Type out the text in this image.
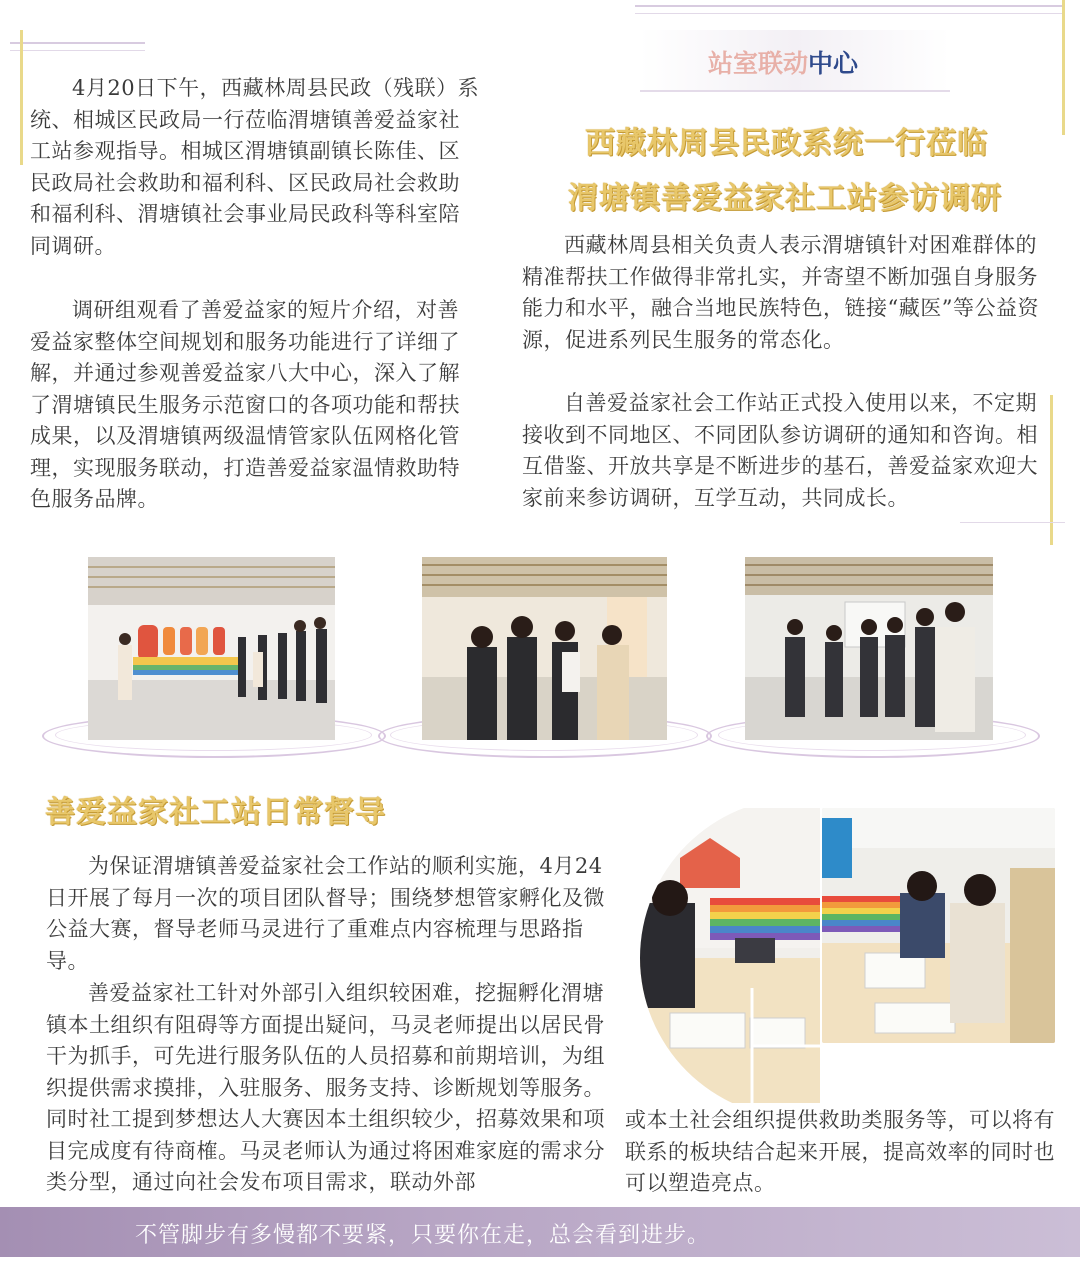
站室联动中心

4月20日下午，西藏林周县民政（残联）系统、相城区民政局一行莅临渭塘镇善爱益家社工站参观指导。相城区渭塘镇副镇长陈佳、区民政局社会救助和福利科、区民政局社会救助和福利科、渭塘镇社会事业局民政科等科室陪同调研。

调研组观看了善爱益家的短片介绍，对善爱益家整体空间规划和服务功能进行了详细了解，并通过参观善爱益家八大中心，深入了解了渭塘镇民生服务示范窗口的各项功能和帮扶成果，以及渭塘镇两级温情管家队伍网格化管理，实现服务联动，打造善爱益家温情救助特色服务品牌。

西藏林周县民政系统一行莅临
渭塘镇善爱益家社工站参访调研

西藏林周县相关负责人表示渭塘镇针对困难群体的精准帮扶工作做得非常扎实，并寄望不断加强自身服务能力和水平，融合当地民族特色，链接“藏医”等公益资源，促进系列民生服务的常态化。

自善爱益家社会工作站正式投入使用以来，不定期接收到不同地区、不同团队参访调研的通知和咨询。相互借鉴、开放共享是不断进步的基石，善爱益家欢迎大家前来参访调研，互学互动，共同成长。

善爱益家社工站日常督导

为保证渭塘镇善爱益家社会工作站的顺利实施，4月24日开展了每月一次的项目团队督导；围绕梦想管家孵化及微公益大赛，督导老师马灵进行了重难点内容梳理与思路指导。

善爱益家社工针对外部引入组织较困难，挖掘孵化渭塘镇本土组织有阻碍等方面提出疑问，马灵老师提出以居民骨干为抓手，可先进行服务队伍的人员招募和前期培训，为组织提供需求摸排，入驻服务、服务支持、诊断规划等服务。同时社工提到梦想达人大赛因本土组织较少，招募效果和项目完成度有待商榷。马灵老师认为通过将困难家庭的需求分类分型，通过向社会发布项目需求，联动外部

或本土社会组织提供救助类服务等，可以将有联系的板块结合起来开展，提高效率的同时也可以塑造亮点。

不管脚步有多慢都不要紧，只要你在走，总会看到进步。
